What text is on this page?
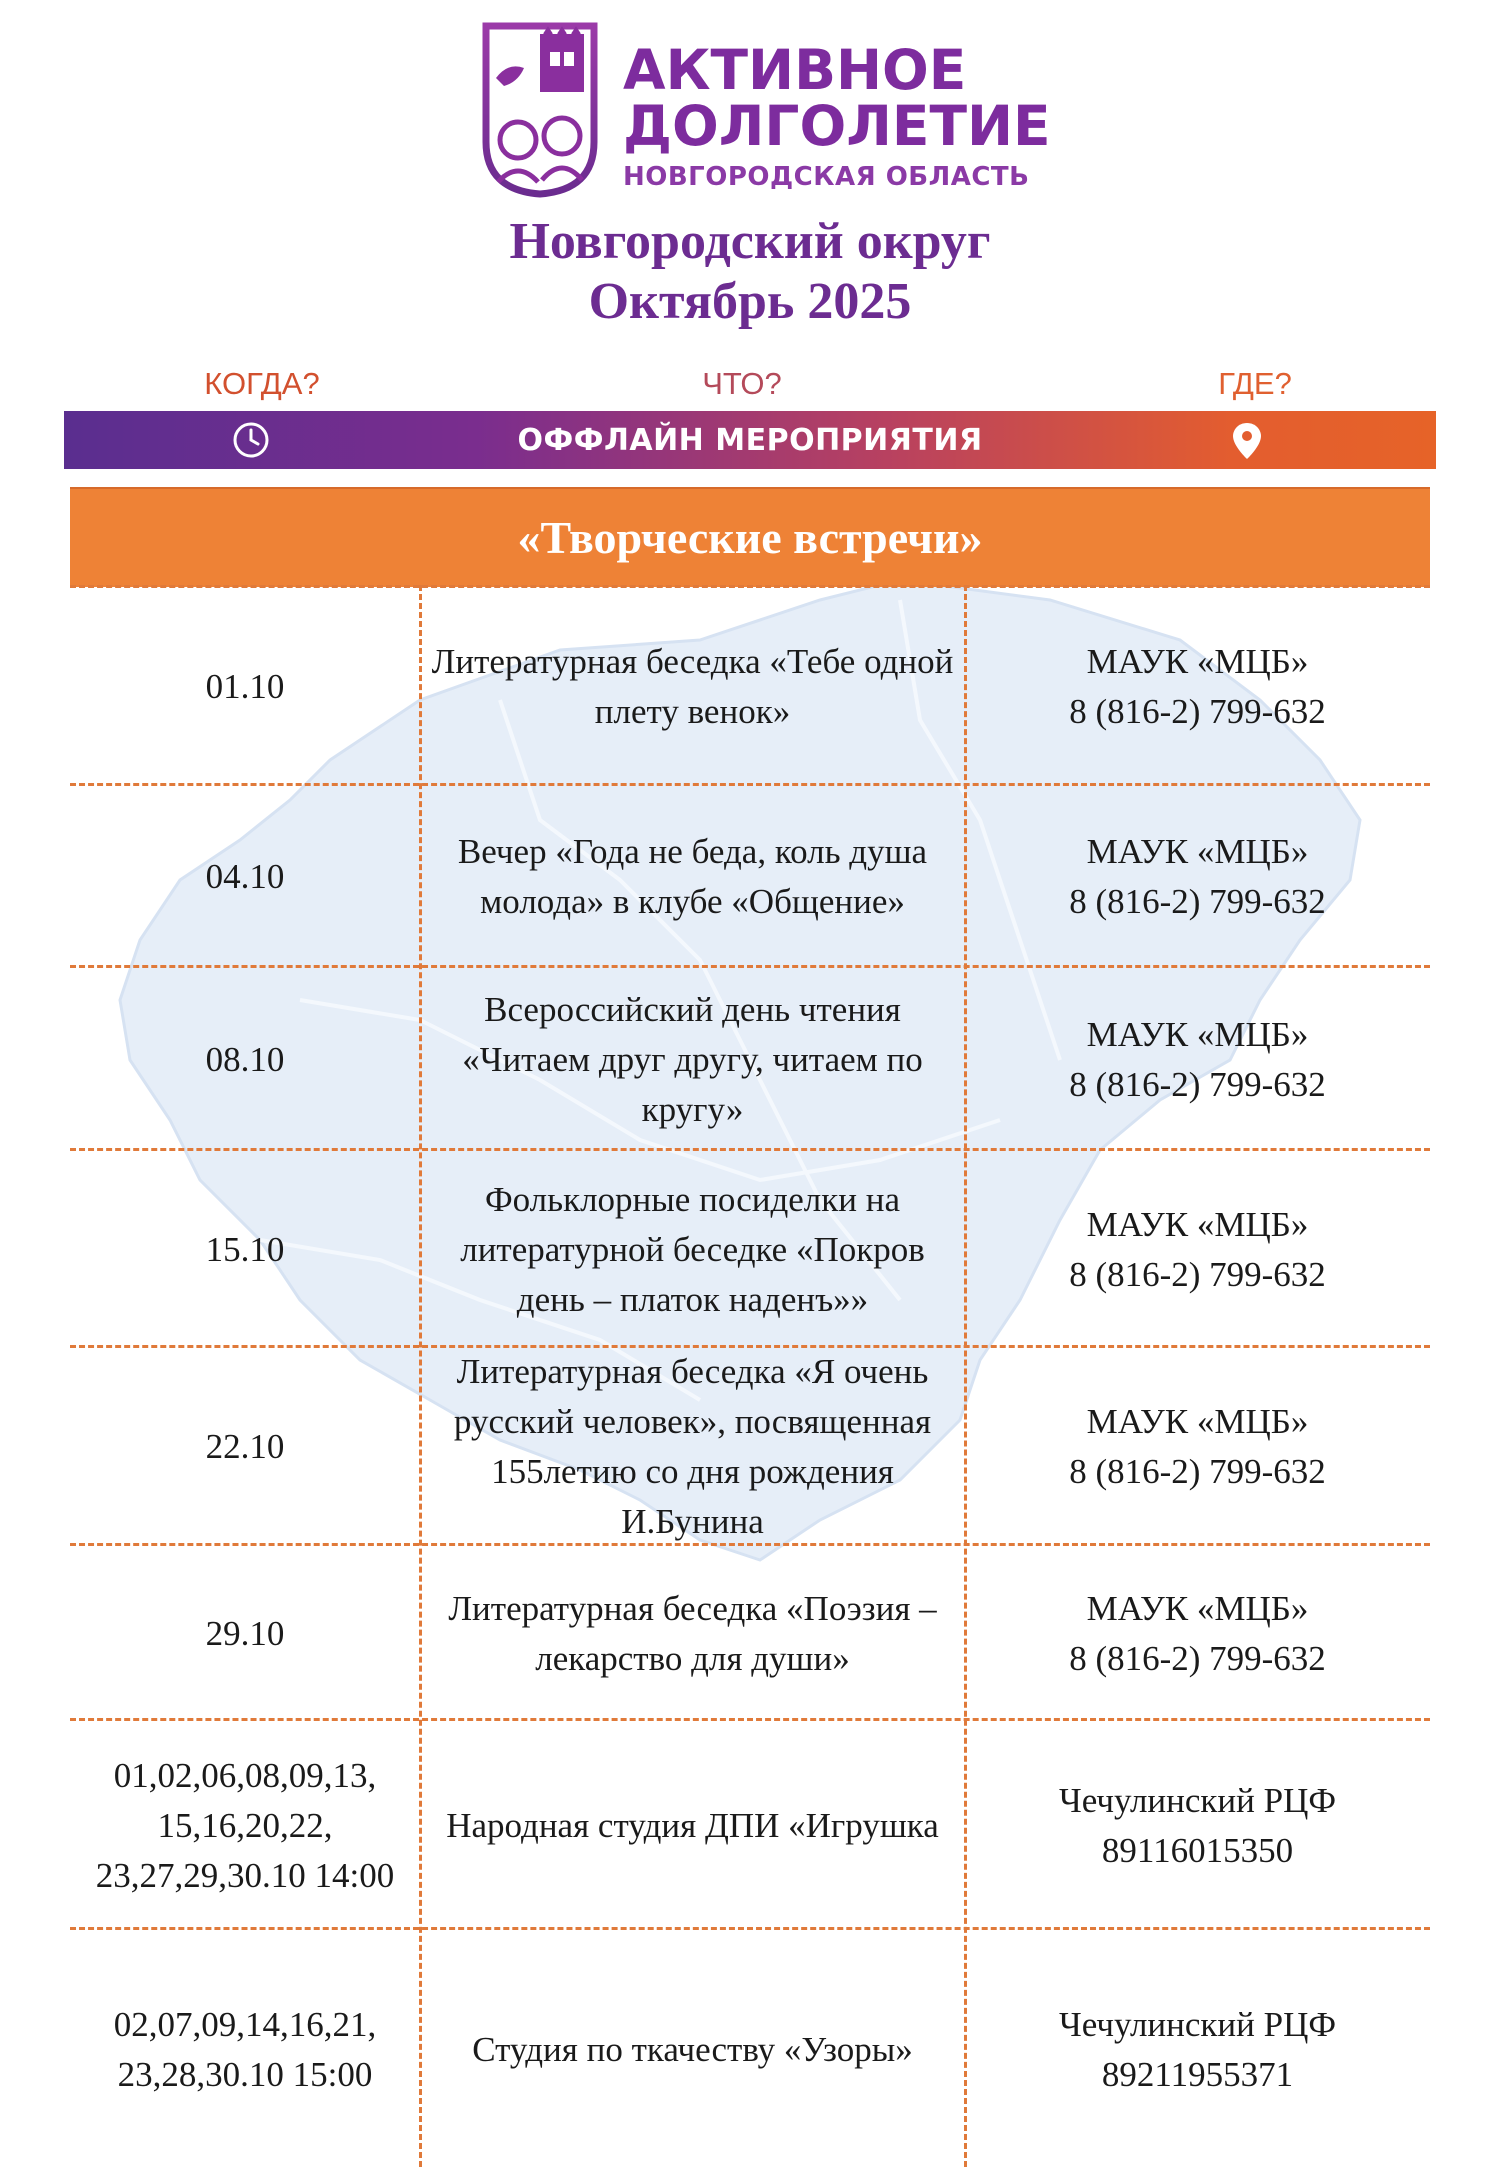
АКТИВНОЕ
ДОЛГОЛЕТИЕ
НОВГОРОДСКАЯ ОБЛАСТЬ
Новгородский округ
Октябрь 2025
КОГДА?	ЧТО?	ГДЕ?
ОФФЛАЙН МЕРОПРИЯТИЯ
«Творческие встречи»
01.10
Литературная беседка «Тебе одной плету венок»
МАУК «МЦБ»
8 (816-2) 799-632
04.10
Вечер «Года не беда, коль душа молода» в клубе «Общение»
МАУК «МЦБ»
8 (816-2) 799-632
08.10
Всероссийский день чтения «Читаем друг другу, читаем по кругу»
МАУК «МЦБ»
8 (816-2) 799-632
15.10
Фольклорные посиделки на литературной беседке «Покров день – платок наденъ»»
МАУК «МЦБ»
8 (816-2) 799-632
22.10
Литературная беседка «Я очень русский человек», посвященная 155летию со дня рождения И.Бунина
МАУК «МЦБ»
8 (816-2) 799-632
29.10
Литературная беседка «Поэзия – лекарство для души»
МАУК «МЦБ»
8 (816-2) 799-632
01,02,06,08,09,13, 15,16,20,22, 23,27,29,30.10 14:00
Народная студия ДПИ «Игрушка
Чечулинский РЦФ
89116015350
02,07,09,14,16,21, 23,28,30.10 15:00
Студия по ткачеству «Узоры»
Чечулинский РЦФ
89211955371
